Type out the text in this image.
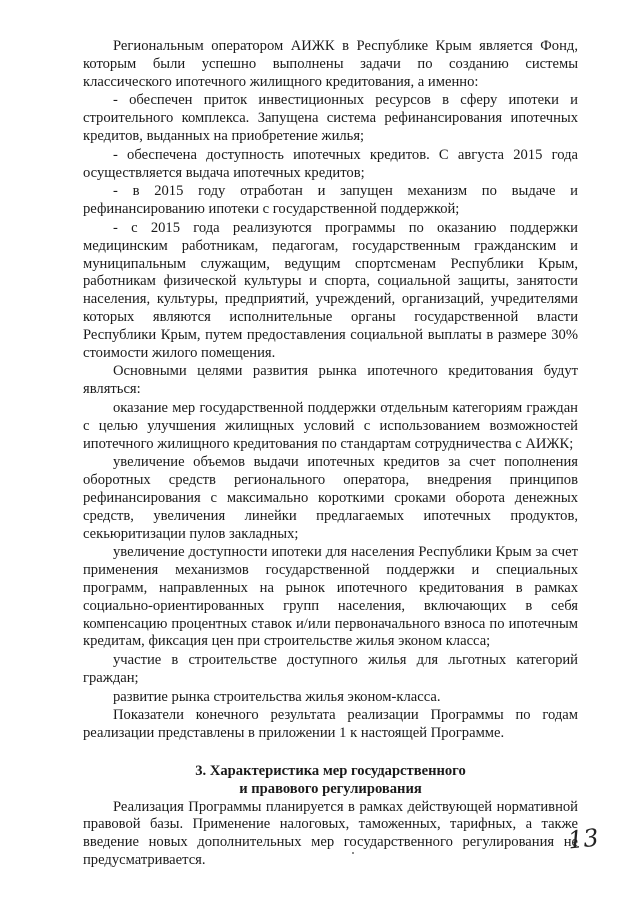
Региональным оператором АИЖК в Республике Крым является Фонд, которым были успешно выполнены задачи по созданию системы классического ипотечного жилищного кредитования, а именно:

- обеспечен приток инвестиционных ресурсов в сферу ипотеки и строительного комплекса. Запущена система рефинансирования ипотечных кредитов, выданных на приобретение жилья;

- обеспечена доступность ипотечных кредитов. С августа 2015 года осуществляется выдача ипотечных кредитов;

- в 2015 году отработан и запущен механизм по выдаче и рефинансированию ипотеки с государственной поддержкой;

- с 2015 года реализуются программы по оказанию поддержки медицинским работникам, педагогам, государственным гражданским и муниципальным служащим, ведущим спортсменам Республики Крым, работникам физической культуры и спорта, социальной защиты, занятости населения, культуры, предприятий, учреждений, организаций, учредителями которых являются исполнительные органы государственной власти Республики Крым, путем предоставления социальной выплаты в размере 30% стоимости жилого помещения.

Основными целями развития рынка ипотечного кредитования будут являться:

оказание мер государственной поддержки отдельным категориям граждан с целью улучшения жилищных условий с использованием возможностей ипотечного жилищного кредитования по стандартам сотрудничества с АИЖК;

увеличение объемов выдачи ипотечных кредитов за счет пополнения оборотных средств регионального оператора, внедрения принципов рефинансирования с максимально короткими сроками оборота денежных средств, увеличения линейки предлагаемых ипотечных продуктов, секьюритизации пулов закладных;

увеличение доступности ипотеки для населения Республики Крым за счет применения механизмов государственной поддержки и специальных программ, направленных на рынок ипотечного кредитования в рамках социально-ориентированных групп населения, включающих в себя компенсацию процентных ставок и/или первоначального взноса по ипотечным кредитам, фиксация цен при строительстве жилья эконом класса;

участие в строительстве доступного жилья для льготных категорий граждан;

развитие рынка строительства жилья эконом-класса.

Показатели конечного результата реализации Программы по годам реализации представлены в приложении 1 к настоящей Программе.

3. Характеристика мер государственного
и правового регулирования

Реализация Программы планируется в рамках действующей нормативной правовой базы. Применение налоговых, таможенных, тарифных, а также введение новых дополнительных мер государственного регулирования не предусматривается.

13
